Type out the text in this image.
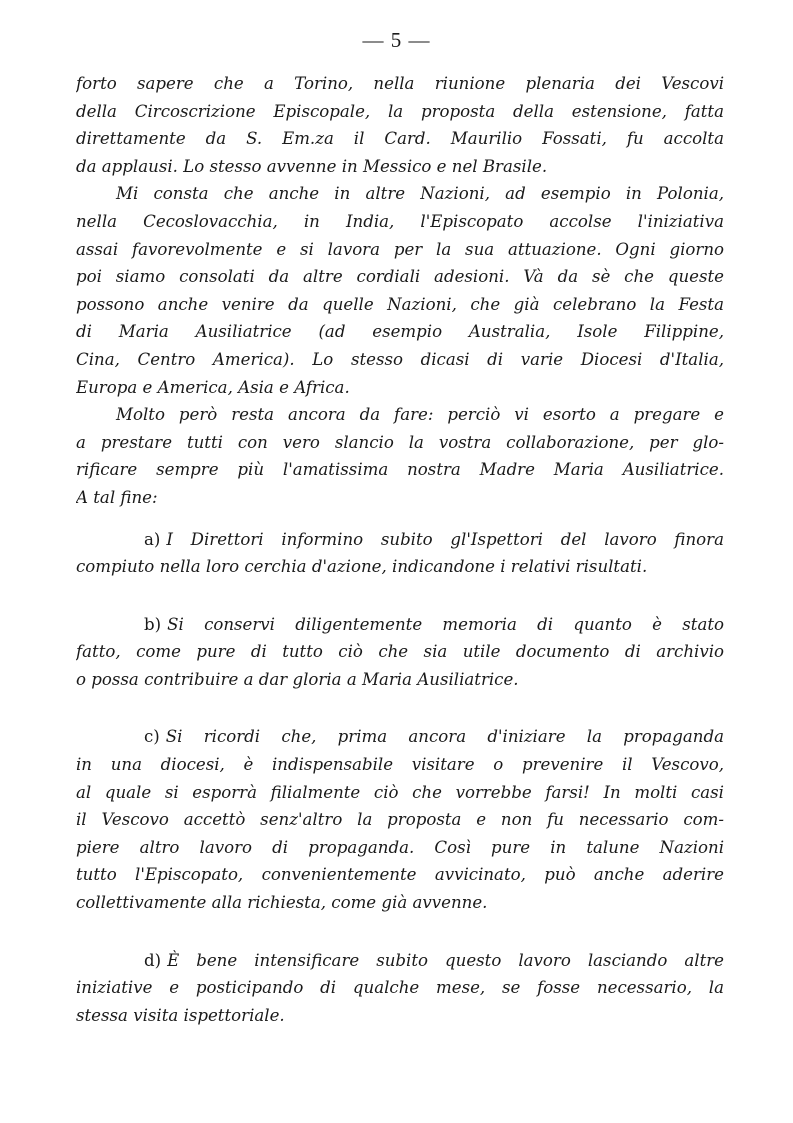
— 5 —
forto sapere che a Torino, nella riunione plenaria dei Vescovi
della Circoscrizione Episcopale, la proposta della estensione, fatta
direttamente da S. Em.za il Card. Maurilio Fossati, fu accolta
da applausi. Lo stesso avvenne in Messico e nel Brasile.
Mi consta che anche in altre Nazioni, ad esempio in Polonia,
nella Cecoslovacchia, in India, l'Episcopato accolse l'iniziativa
assai favorevolmente e si lavora per la sua attuazione. Ogni giorno
poi siamo consolati da altre cordiali adesioni. Và da sè che queste
possono anche venire da quelle Nazioni, che già celebrano la Festa
di Maria Ausiliatrice (ad esempio Australia, Isole Filippine,
Cina, Centro America). Lo stesso dicasi di varie Diocesi d'Italia,
Europa e America, Asia e Africa.
Molto però resta ancora da fare: perciò vi esorto a pregare e
a prestare tutti con vero slancio la vostra collaborazione, per glo-
rificare sempre più l'amatissima nostra Madre Maria Ausiliatrice.
A tal fine:
a) I Direttori informino subito gl'Ispettori del lavoro finora
compiuto nella loro cerchia d'azione, indicandone i relativi risultati.
b) Si conservi diligentemente memoria di quanto è stato
fatto, come pure di tutto ciò che sia utile documento di archivio
o possa contribuire a dar gloria a Maria Ausiliatrice.
c) Si ricordi che, prima ancora d'iniziare la propaganda
in una diocesi, è indispensabile visitare o prevenire il Vescovo,
al quale si esporrà filialmente ciò che vorrebbe farsi! In molti casi
il Vescovo accettò senz'altro la proposta e non fu necessario com-
piere altro lavoro di propaganda. Così pure in talune Nazioni
tutto l'Episcopato, convenientemente avvicinato, può anche aderire
collettivamente alla richiesta, come già avvenne.
d) È bene intensificare subito questo lavoro lasciando altre
iniziative e posticipando di qualche mese, se fosse necessario, la
stessa visita ispettoriale.
